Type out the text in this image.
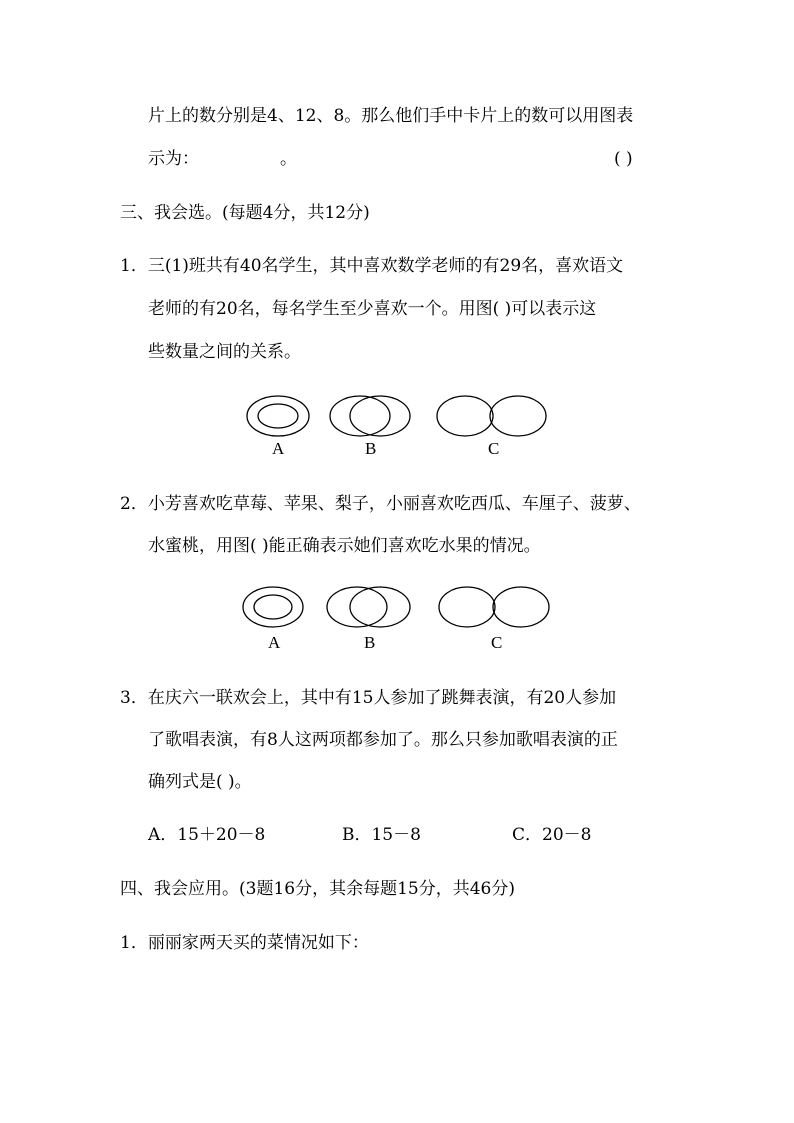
片上的数分别是4、12、8。那么他们手中卡片上的数可以用图表
示为：	。	( )
三、我会选。(每题4分，共12分)
1．三(1)班共有40名学生，其中喜欢数学老师的有29名，喜欢语文
老师的有20名，每名学生至少喜欢一个。用图( )可以表示这
些数量之间的关系。
A	B	C
2．小芳喜欢吃草莓、苹果、梨子，小丽喜欢吃西瓜、车厘子、菠萝、
水蜜桃，用图( )能正确表示她们喜欢吃水果的情况。
A	B	C
3．在庆六一联欢会上，其中有15人参加了跳舞表演，有20人参加
了歌唱表演，有8人这两项都参加了。那么只参加歌唱表演的正
确列式是( )。
A．15＋20－8	B．15－8	C．20－8
四、我会应用。(3题16分，其余每题15分，共46分)
1．丽丽家两天买的菜情况如下：
